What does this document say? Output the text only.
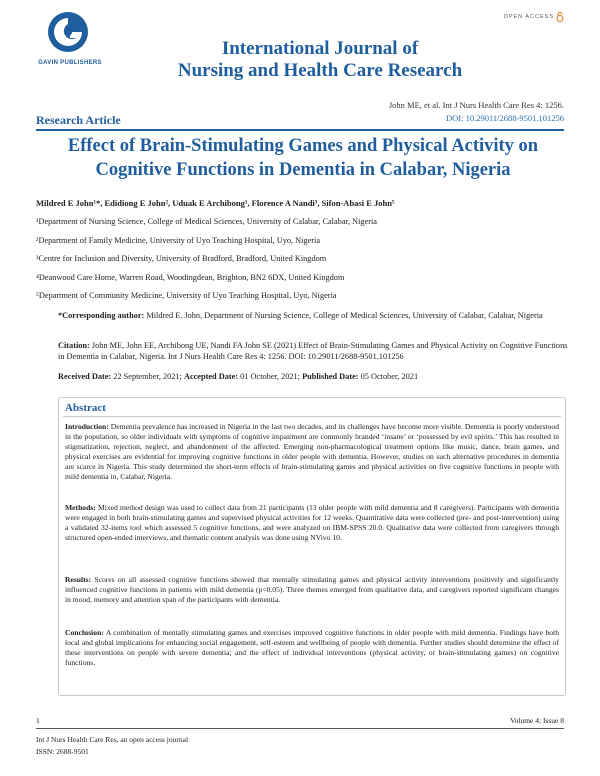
GAVIN PUBLISHERS
OPEN ACCESS
International Journal of
Nursing and Health Care Research
John ME, et al. Int J Nurs Health Care Res 4: 1256.
DOI: 10.29011/2688-9501.101256
Research Article
Effect of Brain-Stimulating Games and Physical Activity on Cognitive Functions in Dementia in Calabar, Nigeria
Mildred E John¹*, Edidiong E John², Uduak E Archibong¹, Florence A Nandi³, Sifon-Abasi E John⁵
¹Department of Nursing Science, College of Medical Sciences, University of Calabar, Calabar, Nigeria
²Department of Family Medicine, University of Uyo Teaching Hospital, Uyo, Nigeria
³Centre for Inclusion and Diversity, University of Bradford, Bradford, United Kingdom
⁴Deanwood Care Home, Warren Road, Woodingdean, Brighton, BN2 6DX, United Kingdom
⁵Department of Community Medicine, University of Uyo Teaching Hospital, Uyo, Nigeria
*Corresponding author: Mildred E. John, Department of Nursing Science, College of Medical Sciences, University of Calabar, Calabar, Nigeria
Citation: John ME, John EE, Archibong UE, Nandi FA John SE (2021) Effect of Brain-Stimulating Games and Physical Activity on Cognitive Functions in Dementia in Calabar, Nigeria. Int J Nurs Health Care Res 4: 1256. DOI: 10.29011/2688-9501.101256
Received Date: 22 September, 2021; Accepted Date: 01 October, 2021; Published Date: 05 October, 2021
Abstract
Introduction: Dementia prevalence has increased in Nigeria in the last two decades, and its challenges have become more visible. Dementia is poorly understood in the population, so older individuals with symptoms of cognitive impairment are commonly branded ‘insane’ or ‘possessed by evil spirits.’ This has resulted in stigmatization, rejection, neglect, and abandonment of the affected. Emerging non-pharmacological treatment options like music, dance, brain games, and physical exercises are evidential for improving cognitive functions in older people with dementia. However, studies on such alternative procedures in dementia are scarce in Nigeria. This study determined the short-term effects of brain-stimulating games and physical activities on five cognitive functions in people with mild dementia in, Calabar, Nigeria.
Methods: Mixed method design was used to collect data from 21 participants (13 older people with mild dementia and 8 caregivers). Participants with dementia were engaged in both brain-stimulating games and supervised physical activities for 12 weeks. Quantitative data were collected (pre- and post-intervention) using a validated 32-items tool which assessed 5 cognitive functions, and were analyzed on IBM-SPSS 20.0. Qualitative data were collected from caregivers through structured open-ended interviews, and thematic content analysis was done using NVivo 10.
Results: Scores on all assessed cognitive functions showed that mentally stimulating games and physical activity interventions positively and significantly influenced cognitive functions in patients with mild dementia (p<0.05). Three themes emerged from qualitative data, and caregivers reported significant changes in mood, memory and attention span of the participants with dementia.
Conclusion: A combination of mentally stimulating games and exercises improved cognitive functions in older people with mild dementia. Findings have both local and global implications for enhancing social engagement, self-esteem and wellbeing of people with dementia. Further studies should determine the effect of these interventions on people with severe dementia; and the effect of individual interventions (physical activity, or brain-stimulating games) on cognitive functions.
1	Volume 4; Issue 8
Int J Nurs Health Care Res, an open access journal
ISSN: 2688-9501
